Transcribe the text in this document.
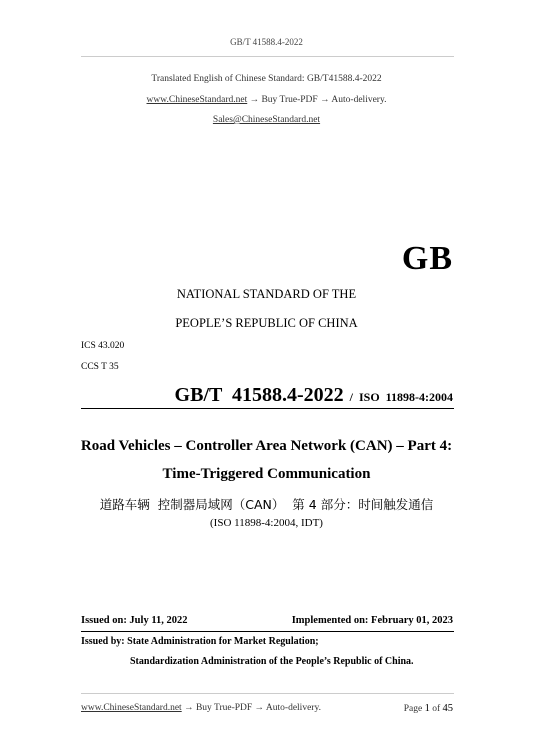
GB/T 41588.4-2022
Translated English of Chinese Standard: GB/T41588.4-2022
www.ChineseStandard.net → Buy True-PDF → Auto-delivery.
Sales@ChineseStandard.net
GB
NATIONAL STANDARD OF THE
PEOPLE’S REPUBLIC OF CHINA
ICS 43.020
CCS T 35
GB/T  41588.4-2022  /  ISO  11898-4:2004
Road Vehicles – Controller Area Network (CAN) – Part 4:
Time-Triggered Communication
道路车辆  控制器局域网（CAN）  第 4 部分：时间触发通信
(ISO 11898-4:2004, IDT)
Issued on: July 11, 2022	Implemented on: February 01, 2023
Issued by: State Administration for Market Regulation;
Standardization Administration of the People’s Republic of China.
www.ChineseStandard.net → Buy True-PDF → Auto-delivery.	Page 1 of 45
